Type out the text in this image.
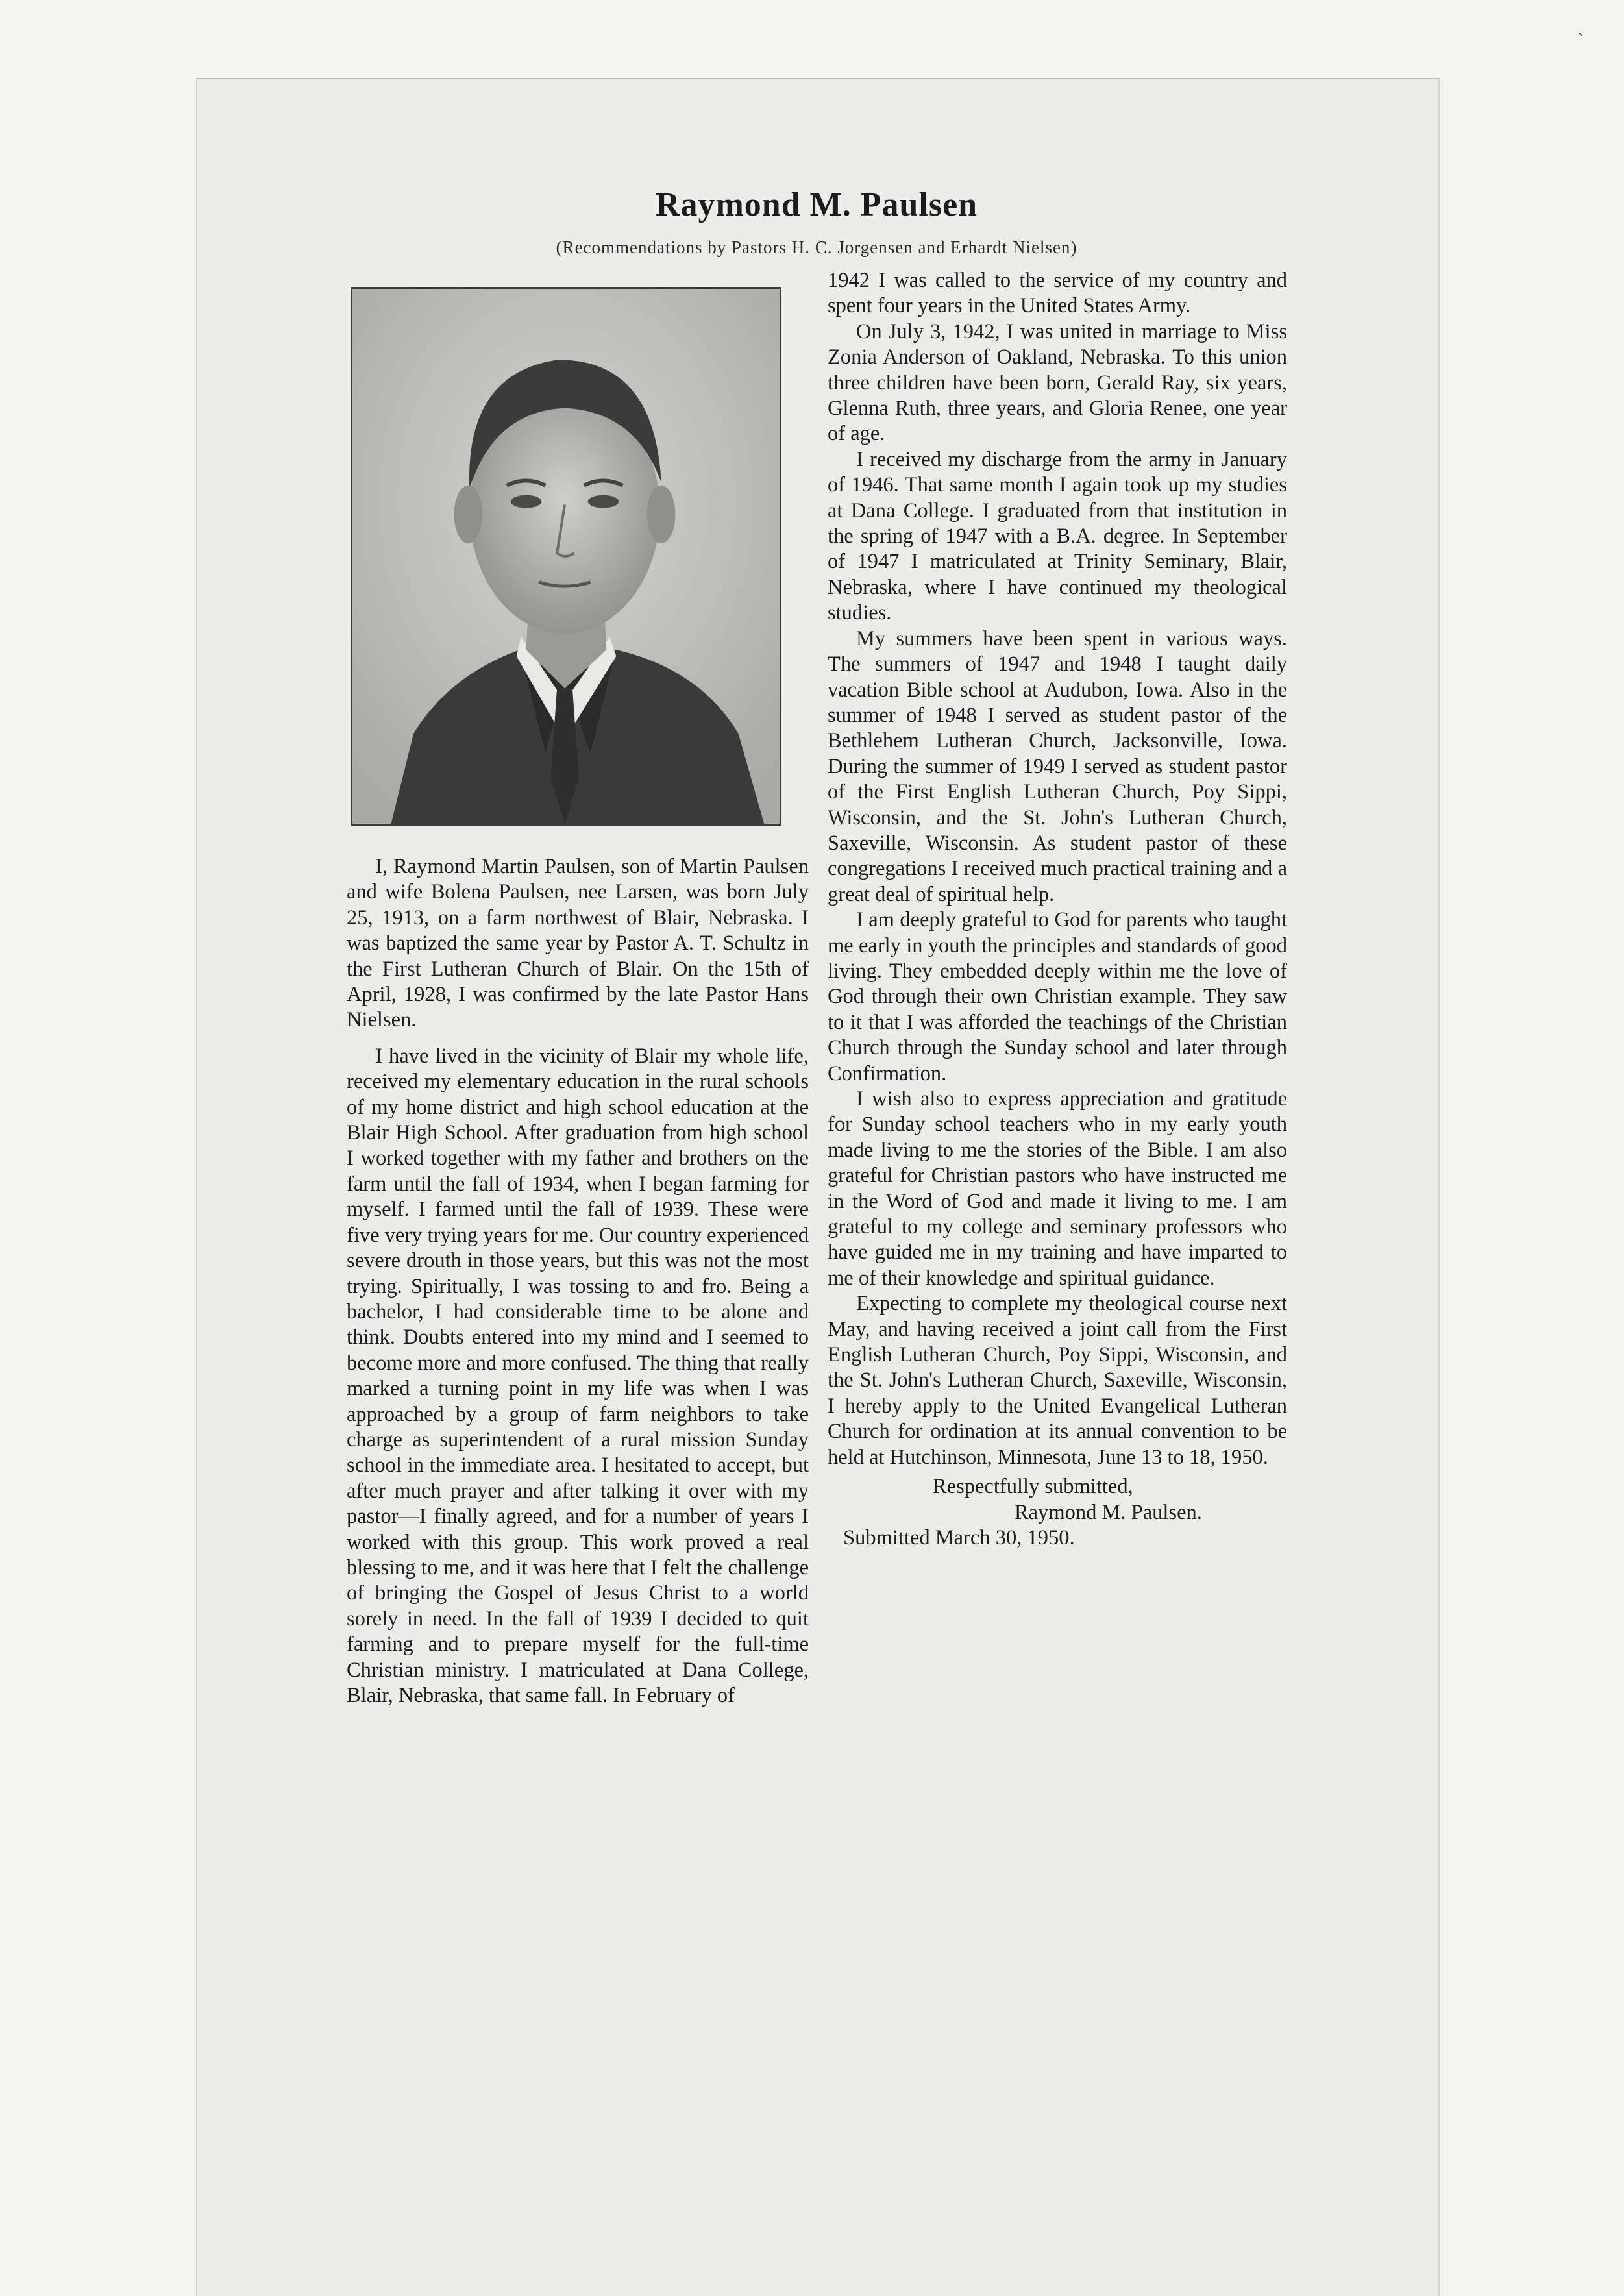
ˎ
Raymond M. Paulsen
(Recommendations by Pastors H. C. Jorgensen and Erhardt Nielsen)

I, Raymond Martin Paulsen, son of Martin Paulsen and wife Bolena Paulsen, nee Larsen, was born July 25, 1913, on a farm northwest of Blair, Nebraska. I was baptized the same year by Pastor A. T. Schultz in the First Lutheran Church of Blair. On the 15th of April, 1928, I was confirmed by the late Pastor Hans Nielsen.

I have lived in the vicinity of Blair my whole life, received my elementary education in the rural schools of my home district and high school education at the Blair High School. After graduation from high school I worked together with my father and brothers on the farm until the fall of 1934, when I began farming for myself. I farmed until the fall of 1939. These were five very trying years for me. Our country experienced severe drouth in those years, but this was not the most trying. Spiritually, I was tossing to and fro. Being a bachelor, I had considerable time to be alone and think. Doubts entered into my mind and I seemed to become more and more confused. The thing that really marked a turning point in my life was when I was approached by a group of farm neighbors to take charge as superintendent of a rural mission Sunday school in the immediate area. I hesitated to accept, but after much prayer and after talking it over with my pastor—I finally agreed, and for a number of years I worked with this group. This work proved a real blessing to me, and it was here that I felt the challenge of bringing the Gospel of Jesus Christ to a world sorely in need. In the fall of 1939 I decided to quit farming and to prepare myself for the full-time Christian ministry. I matriculated at Dana College, Blair, Nebraska, that same fall. In February of

1942 I was called to the service of my country and spent four years in the United States Army.

On July 3, 1942, I was united in marriage to Miss Zonia Anderson of Oakland, Nebraska. To this union three children have been born, Gerald Ray, six years, Glenna Ruth, three years, and Gloria Renee, one year of age.

I received my discharge from the army in January of 1946. That same month I again took up my studies at Dana College. I graduated from that institution in the spring of 1947 with a B.A. degree. In September of 1947 I matriculated at Trinity Seminary, Blair, Nebraska, where I have continued my theological studies.

My summers have been spent in various ways. The summers of 1947 and 1948 I taught daily vacation Bible school at Audubon, Iowa. Also in the summer of 1948 I served as student pastor of the Bethlehem Lutheran Church, Jacksonville, Iowa. During the summer of 1949 I served as student pastor of the First English Lutheran Church, Poy Sippi, Wisconsin, and the St. John's Lutheran Church, Saxeville, Wisconsin. As student pastor of these congregations I received much practical training and a great deal of spiritual help.

I am deeply grateful to God for parents who taught me early in youth the principles and standards of good living. They embedded deeply within me the love of God through their own Christian example. They saw to it that I was afforded the teachings of the Christian Church through the Sunday school and later through Confirmation.

I wish also to express appreciation and gratitude for Sunday school teachers who in my early youth made living to me the stories of the Bible. I am also grateful for Christian pastors who have instructed me in the Word of God and made it living to me. I am grateful to my college and seminary professors who have guided me in my training and have imparted to me of their knowledge and spiritual guidance.

Expecting to complete my theological course next May, and having received a joint call from the First English Lutheran Church, Poy Sippi, Wisconsin, and the St. John's Lutheran Church, Saxeville, Wisconsin, I hereby apply to the United Evangelical Lutheran Church for ordination at its annual convention to be held at Hutchinson, Minnesota, June 13 to 18, 1950.

Respectfully submitted,

Raymond M. Paulsen.

Submitted March 30, 1950.
